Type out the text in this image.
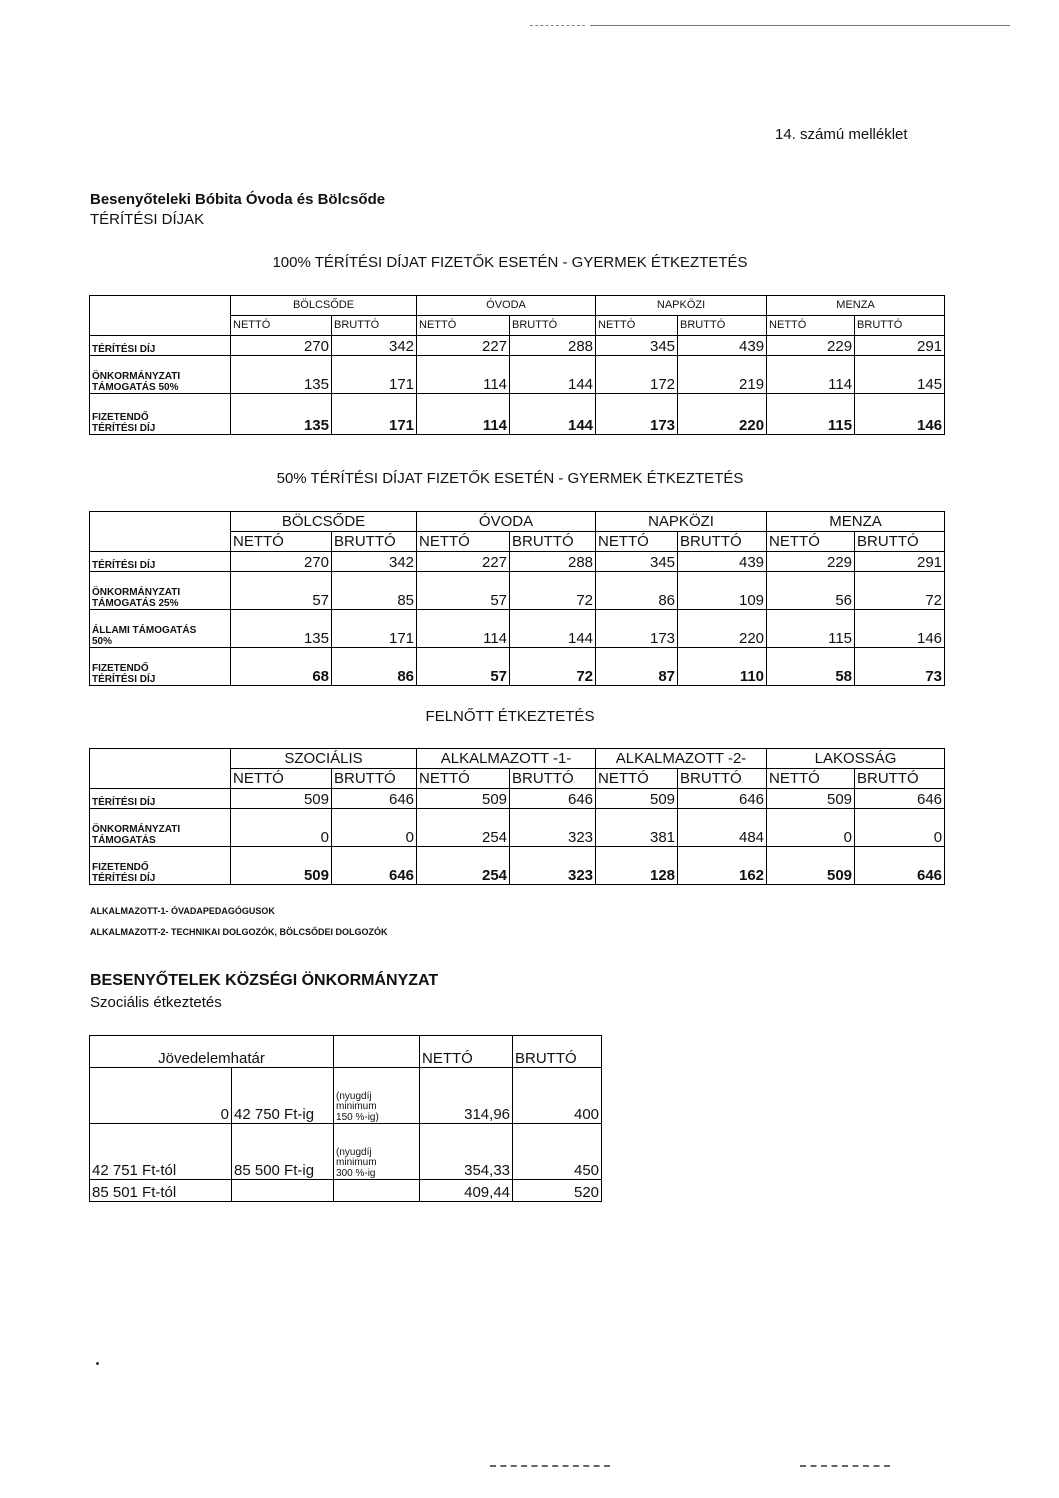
14. számú melléklet
Besenyőteleki Bóbita Óvoda és Bölcsőde
TÉRÍTÉSI DÍJAK
100% TÉRÍTÉSI DÍJAT FIZETŐK ESETÉN - GYERMEK ÉTKEZTETÉS
	BÖLCSŐDE		ÓVODA		NAPKÖZI		MENZA	
	NETTÓ	BRUTTÓ	NETTÓ	BRUTTÓ	NETTÓ	BRUTTÓ	NETTÓ	BRUTTÓ
TÉRÍTÉSI DÍJ	270	342	227	288	345	439	229	291
ÖNKORMÁNYZATI
TÁMOGATÁS 50%	135	171	114	144	172	219	114	145
FIZETENDŐ
TÉRÍTÉSI DÍJ	135	171	114	144	173	220	115	146
50% TÉRÍTÉSI DÍJAT FIZETŐK ESETÉN - GYERMEK ÉTKEZTETÉS
	BÖLCSŐDE		ÓVODA		NAPKÖZI		MENZA	
	NETTÓ	BRUTTÓ	NETTÓ	BRUTTÓ	NETTÓ	BRUTTÓ	NETTÓ	BRUTTÓ
TÉRÍTÉSI DÍJ	270	342	227	288	345	439	229	291
ÖNKORMÁNYZATI
TÁMOGATÁS 25%	57	85	57	72	86	109	56	72
ÁLLAMI TÁMOGATÁS
50%	135	171	114	144	173	220	115	146
FIZETENDŐ
TÉRÍTÉSI DÍJ	68	86	57	72	87	110	58	73
FELNŐTT ÉTKEZTETÉS
	SZOCIÁLIS		ALKALMAZOTT -1-		ALKALMAZOTT -2-		LAKOSSÁG	
	NETTÓ	BRUTTÓ	NETTÓ	BRUTTÓ	NETTÓ	BRUTTÓ	NETTÓ	BRUTTÓ
TÉRÍTÉSI DÍJ	509	646	509	646	509	646	509	646
ÖNKORMÁNYZATI
TÁMOGATÁS	0	0	254	323	381	484	0	0
FIZETENDŐ
TÉRÍTÉSI DÍJ	509	646	254	323	128	162	509	646
ALKALMAZOTT-1- ÓVADAPEDAGÓGUSOK
ALKALMAZOTT-2- TECHNIKAI DOLGOZÓK, BÖLCSŐDEI DOLGOZÓK
BESENYŐTELEK KÖZSÉGI ÖNKORMÁNYZAT
Szociális étkeztetés
Jövedelemhatár			NETTÓ	BRUTTÓ
0	42 750 Ft-ig	(nyugdíj
minimum
150 %-ig)	314,96	400
42 751 Ft-tól	85 500 Ft-ig	(nyugdíj
minimum
300 %-ig	354,33	450
85 501 Ft-tól			409,44	520
